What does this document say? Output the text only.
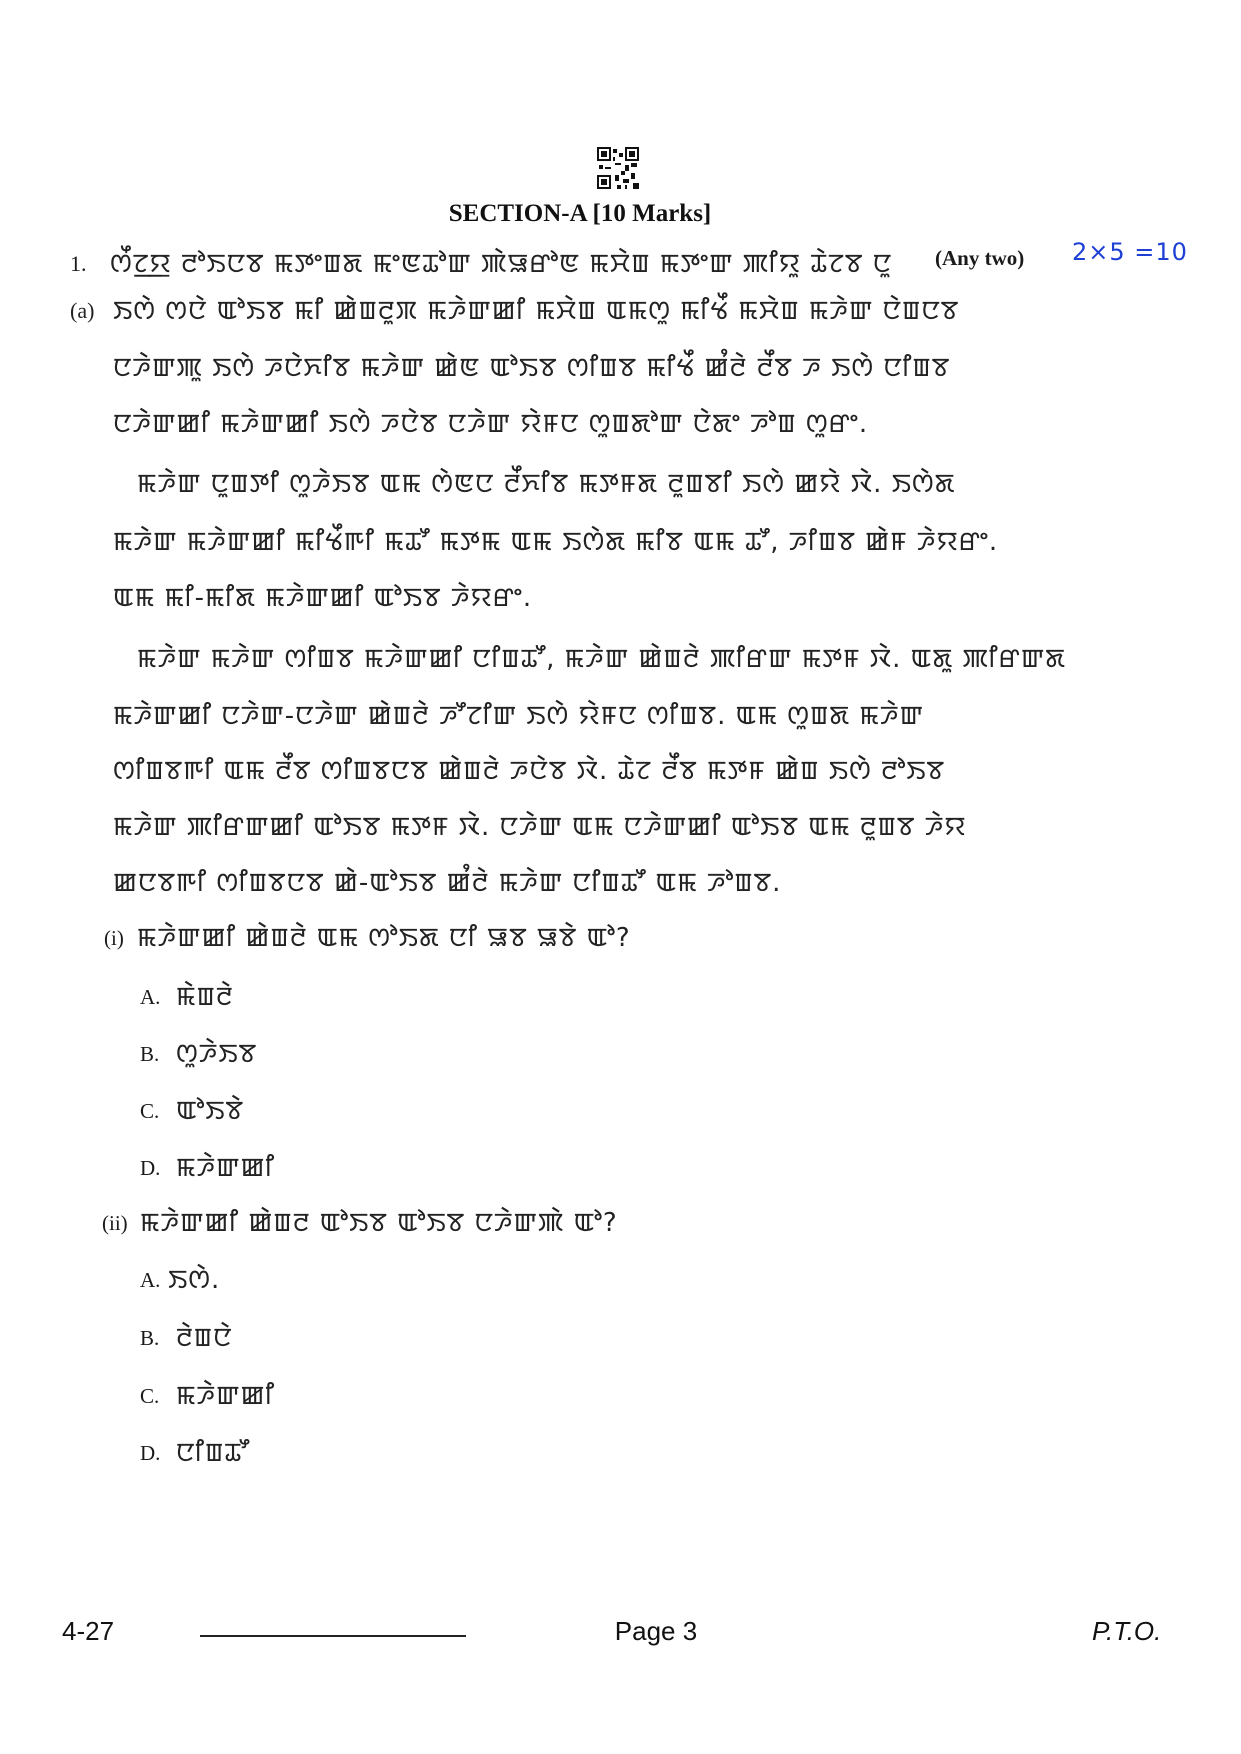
SECTION-A [10 Marks]
1. ꯁꯩꯖ꯭ꯌ ꯂꯣꯏꯅꯕ ꯃꯇꯦꯡꯗ ꯃꯦꯟꯊꯣꯛ ꯄꯥꯎꯔꯣꯟ ꯃꯆꯥꯡ ꯃꯇꯦꯛ ꯄꯤꯌꯨ ꯊꯥꯖꯕ ꯅꯨ (Any two) 2×5 =10
(a) ꯏꯁꯥ ꯁꯅꯥ ꯑꯣꯏꯕ ꯃꯤ ꯀꯥꯡꯂꯨꯞ ꯃꯍꯥꯛꯀꯤ ꯃꯆꯥꯡ ꯑꯃꯁꯨ ꯃꯤꯠꯩ ꯃꯆꯥꯡ ꯃꯍꯥꯛ ꯅꯥꯡꯅꯕ
ꯅꯍꯥꯛꯄꯨ ꯏꯁꯥ ꯍꯅꯥꯈꯤꯕ ꯃꯍꯥꯛ ꯀꯥꯟ ꯑꯣꯏꯕ ꯁꯤꯡꯕ ꯃꯤꯠꯩ ꯀꯪꯂꯥ ꯂꯩꯕ ꯍ ꯏꯁꯥ ꯅꯤꯡꯕ
ꯅꯍꯥꯛꯀꯤ ꯃꯍꯥꯛꯀꯤ ꯏꯁꯥ ꯍꯅꯥꯕ ꯅꯍꯥꯛ ꯌꯥꯝꯅ ꯁꯨꯡꯗꯣꯛ ꯅꯥꯗꯦ ꯍꯣꯡ ꯁꯨꯔꯦ.
ꯃꯍꯥꯛ ꯅꯨꯡꯇꯤ ꯁꯨꯍꯥꯏꯕ ꯑꯃ ꯁꯥꯟꯅ ꯂꯩꯈꯤꯕ ꯃꯇꯝꯗ ꯂꯨꯡꯕꯤ ꯏꯁꯥ ꯀꯌꯥ ꯋꯥ. ꯏꯁꯥꯗ
ꯃꯍꯥꯛ ꯃꯍꯥꯛꯀꯤ ꯃꯤꯠꯩꯒꯤ ꯃꯊꯧ ꯃꯇꯃ ꯑꯃ ꯏꯁꯥꯗ ꯃꯤꯕ ꯑꯃ ꯊꯧ, ꯍꯤꯡꯕ ꯀꯥꯝ ꯍꯥꯌꯔꯦ.
ꯑꯃ ꯃꯤ-ꯃꯤꯗ ꯃꯍꯥꯛꯀꯤ ꯑꯣꯏꯕ ꯍꯥꯌꯔꯦ.
ꯃꯍꯥꯛ ꯃꯍꯥꯛ ꯁꯤꯡꯕ ꯃꯍꯥꯛꯀꯤ ꯅꯤꯡꯊꯧ, ꯃꯍꯥꯛ ꯀꯥꯡꯂꯥ ꯄꯤꯔꯛ ꯃꯇꯝ ꯋꯥ. ꯑꯗꯨ ꯄꯤꯔꯛꯗ
ꯃꯍꯥꯛꯀꯤ ꯅꯍꯥꯛ-ꯅꯍꯥꯛ ꯀꯥꯡꯂꯥ ꯍꯧꯖꯤꯛ ꯏꯁꯥ ꯌꯥꯝꯅ ꯁꯤꯡꯕ. ꯑꯃ ꯁꯨꯡꯗ ꯃꯍꯥꯛ
ꯁꯤꯡꯕꯒꯤ ꯑꯃ ꯂꯩꯕ ꯁꯤꯡꯕꯅꯕ ꯀꯥꯡꯂꯥ ꯍꯅꯥꯕ ꯋꯥ. ꯊꯥꯖ ꯂꯩꯕ ꯃꯇꯝ ꯀꯥꯡ ꯏꯁꯥ ꯂꯣꯏꯕ
ꯃꯍꯥꯛ ꯄꯤꯔꯛꯀꯤ ꯑꯣꯏꯕ ꯃꯇꯝ ꯋꯥ. ꯅꯍꯥꯛ ꯑꯃ ꯅꯍꯥꯛꯀꯤ ꯑꯣꯏꯕ ꯑꯃ ꯂꯨꯡꯕ ꯍꯥꯌ
ꯀꯅꯕꯒꯤ ꯁꯤꯡꯕꯅꯕ ꯀꯥ-ꯑꯣꯏꯕ ꯀꯪꯂꯥ ꯃꯍꯥꯛ ꯅꯤꯡꯊꯧ ꯑꯃ ꯍꯣꯡꯕ.
(i) ꯃꯍꯥꯛꯀꯤ ꯀꯥꯡꯂꯥ ꯑꯃ ꯁꯣꯏꯗ ꯅꯤ ꯎꯕ ꯎꯕꯥ ꯑꯣ?
A. ꯃꯥꯡꯂꯥ
B. ꯁꯨꯍꯥꯏꯕ
C. ꯑꯣꯏꯕꯥ
D. ꯃꯍꯥꯛꯀꯤ
(ii) ꯃꯍꯥꯛꯀꯤ ꯀꯥꯡꯂ ꯑꯣꯏꯕ ꯑꯣꯏꯕ ꯅꯍꯥꯛꯄꯥ ꯑꯣ?
A. ꯏꯁꯥ.
B. ꯂꯥꯡꯅꯥ
C. ꯃꯍꯥꯛꯀꯤ
D. ꯅꯤꯡꯊꯧ
4-27	Page 3	P.T.O.
